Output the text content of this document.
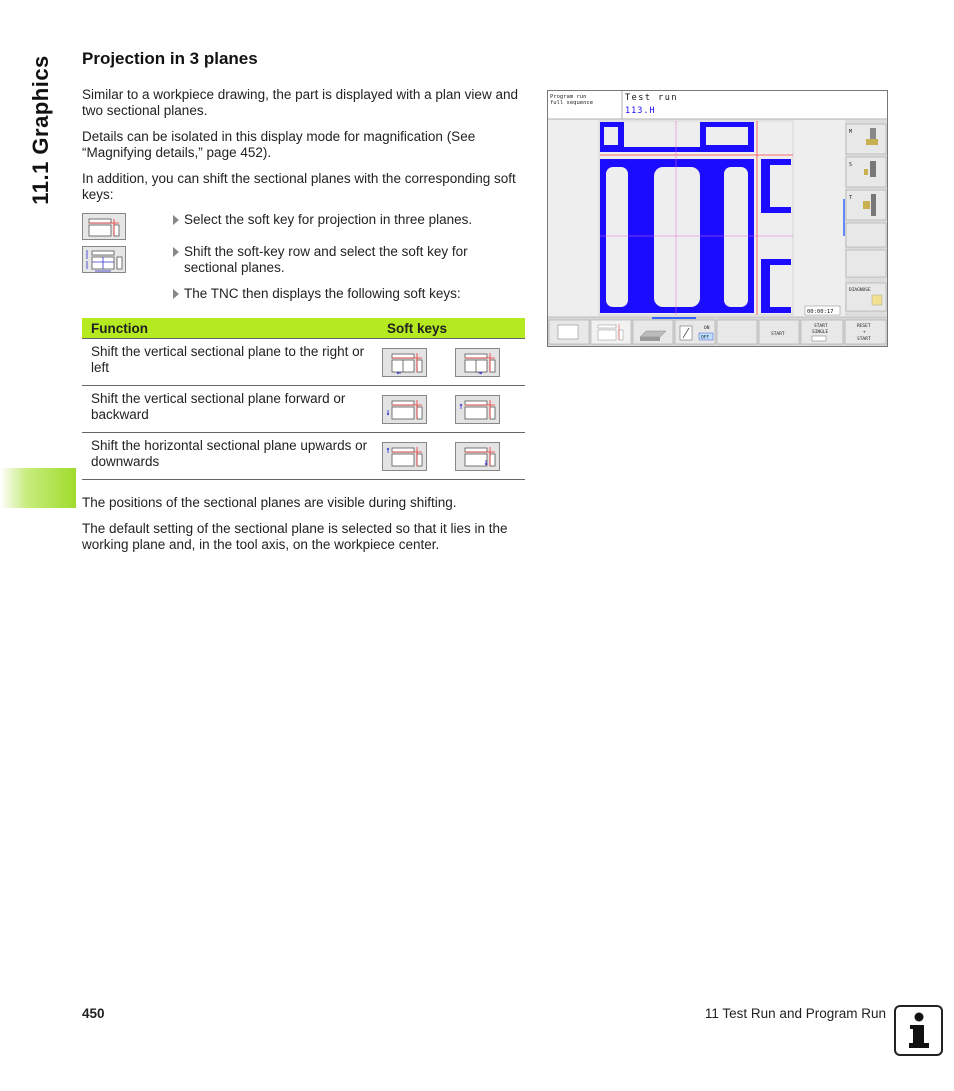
11.1 Graphics Projection in 3 planes

Similar to a workpiece drawing, the part is displayed with a plan view and two sectional planes.

Details can be isolated in this display mode for magnification (See “Magnifying details,” page 452).

In addition, you can shift the sectional planes with the corresponding soft keys:

Select the soft key for projection in three planes.
Shift the soft-key row and select the soft key for sectional planes.
The TNC then displays the following soft keys:
Function	Soft keys
Shift the vertical sectional plane to the right or left	

Shift the vertical sectional plane forward or backward	

Shift the horizontal sectional plane upwards or downwards	

The positions of the sectional planes are visible during shifting.

The default setting of the sectional plane is selected so that it lies in the working plane and, in the tool axis, on the workpiece center.

Program run
full sequence	Test run
113.H
00:00:17
M
S
T
DIAGNOSE
ON
OFF
START
START
SINGLE
RESET
+
START
450	11 Test Run and Program Run
